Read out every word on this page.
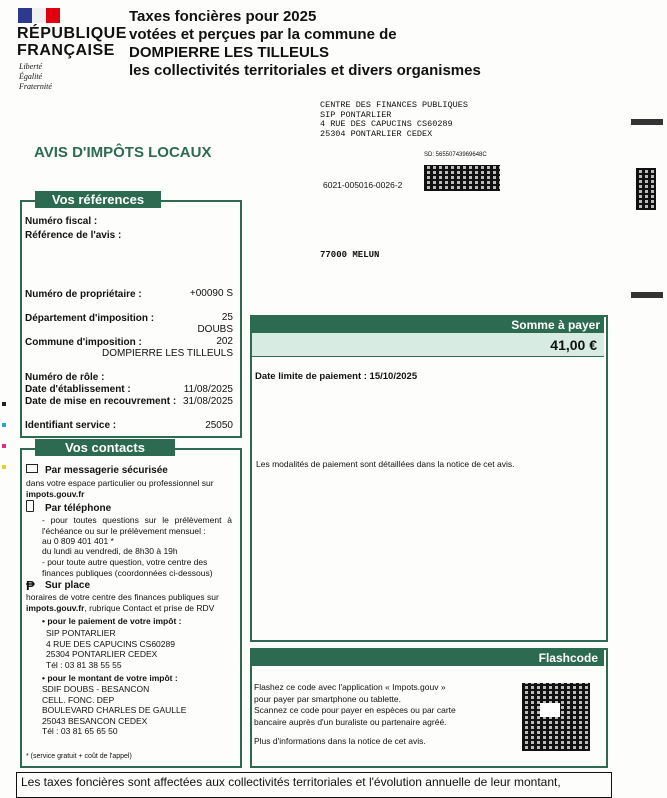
RÉPUBLIQUE
FRANÇAISE
Liberté
Égalité
Fraternité
Taxes foncières pour 2025
votées et perçues par la commune de
DOMPIERRE LES TILLEULS
les collectivités territoriales et divers organismes
CENTRE DES FINANCES PUBLIQUES
SIP PONTARLIER
4 RUE DES CAPUCINS CS60289
25304 PONTARLIER CEDEX
AVIS D'IMPÔTS LOCAUX	SD: 56550743969648C
6021-005016-0026-2
77000 MELUN
Vos références
Numéro fiscal :
Référence de l'avis :
Numéro de propriétaire :	+00090 S
Département d'imposition :	25
DOUBS
Commune d'imposition :	202
DOMPIERRE LES TILLEULS
Numéro de rôle :
Date d'établissement :	11/08/2025
Date de mise en recouvrement : 31/08/2025
Identifiant service :	25050
Vos contacts
Par messagerie sécurisée
dans votre espace particulier ou professionnel sur
impots.gouv.fr
Par téléphone
- pour toutes questions sur le prélèvement à l'échéance ou sur le prélèvement mensuel :
au 0 809 401 401 *
du lundi au vendredi, de 8h30 à 19h
- pour toute autre question, votre centre des finances publiques (coordonnées ci-dessous)
₱ Sur place
horaires de votre centre des finances publiques sur
impots.gouv.fr, rubrique Contact et prise de RDV
• pour le paiement de votre impôt :
SIP PONTARLIER
4 RUE DES CAPUCINS CS60289
25304 PONTARLIER CEDEX
Tél : 03 81 38 55 55
• pour le montant de votre impôt :
SDIF DOUBS - BESANCON
CELL. FONC. DEP
BOULEVARD CHARLES DE GAULLE
25043 BESANCON CEDEX
Tél : 03 81 65 65 50
* (service gratuit + coût de l'appel)
Somme à payer
41,00 €
Date limite de paiement : 15/10/2025
Les modalités de paiement sont détaillées dans la notice de cet avis.
Flashcode
Flashez ce code avec l'application « Impots.gouv »
pour payer par smartphone ou tablette.
Scannez ce code pour payer en espèces ou par carte
bancaire auprès d'un buraliste ou partenaire agréé.
Plus d'informations dans la notice de cet avis.
Les taxes foncières sont affectées aux collectivités territoriales et l'évolution annuelle de leur montant,
